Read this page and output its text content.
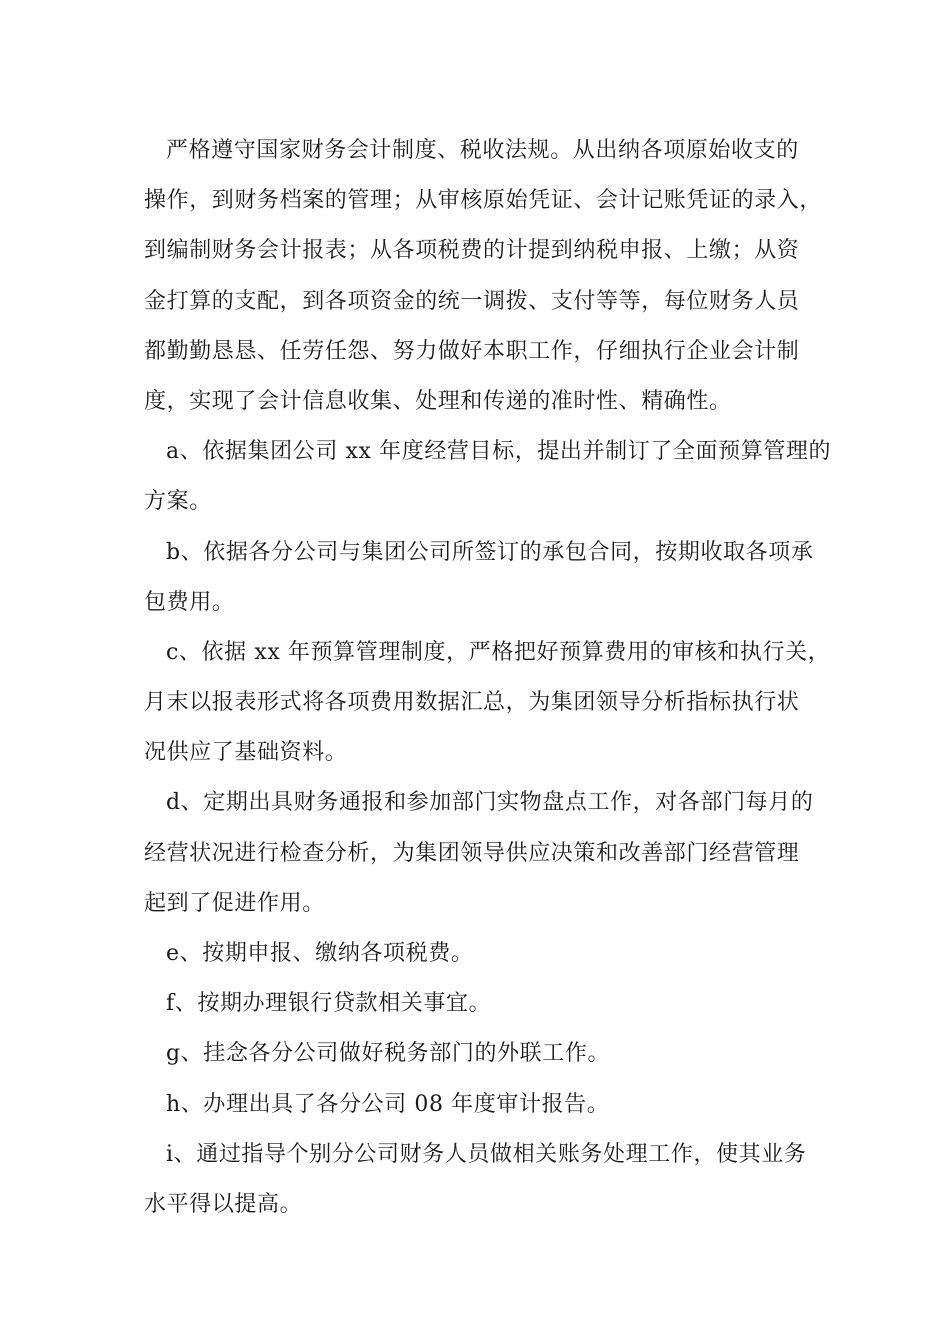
严格遵守国家财务会计制度、税收法规。从出纳各项原始收支的
操作，到财务档案的管理；从审核原始凭证、会计记账凭证的录入，
到编制财务会计报表；从各项税费的计提到纳税申报、上缴；从资
金打算的支配，到各项资金的统一调拨、支付等等，每位财务人员
都勤勤恳恳、任劳任怨、努力做好本职工作，仔细执行企业会计制
度，实现了会计信息收集、处理和传递的准时性、精确性。
a、依据集团公司 xx 年度经营目标，提出并制订了全面预算管理的
方案。
b、依据各分公司与集团公司所签订的承包合同，按期收取各项承
包费用。
c、依据 xx 年预算管理制度，严格把好预算费用的审核和执行关，
月末以报表形式将各项费用数据汇总，为集团领导分析指标执行状
况供应了基础资料。
d、定期出具财务通报和参加部门实物盘点工作，对各部门每月的
经营状况进行检查分析，为集团领导供应决策和改善部门经营管理
起到了促进作用。
e、按期申报、缴纳各项税费。
f、按期办理银行贷款相关事宜。
g、挂念各分公司做好税务部门的外联工作。
h、办理出具了各分公司 08 年度审计报告。
i、通过指导个别分公司财务人员做相关账务处理工作，使其业务
水平得以提高。
